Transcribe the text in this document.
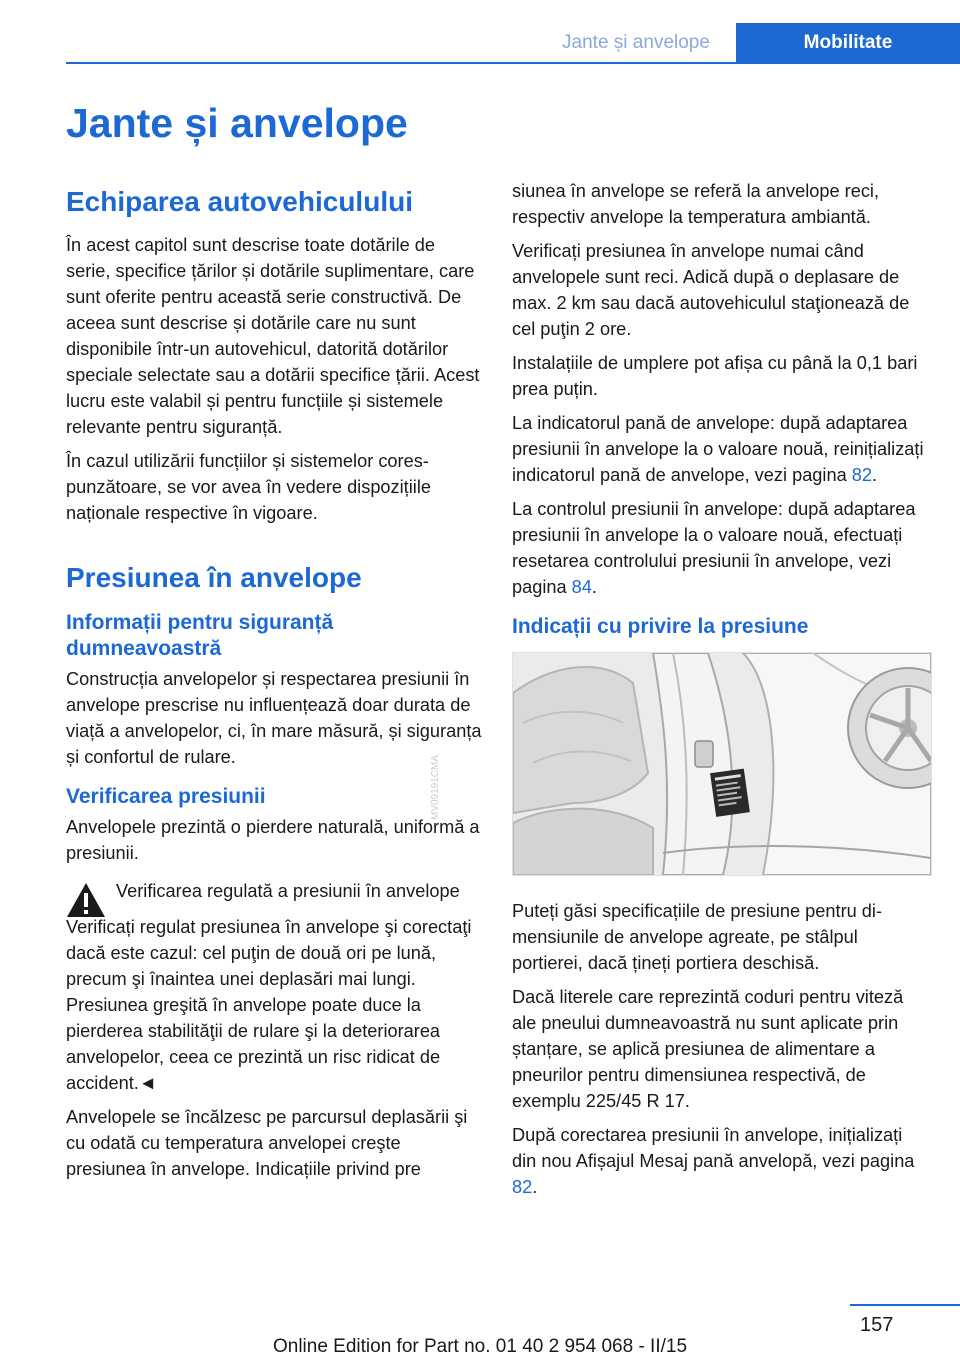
Jante și anvelope	Mobilitate
Jante și anvelope
Echiparea autovehiculului

În acest capitol sunt descrise toate dotările de serie, specifice țărilor și dotările suplimentare, care sunt oferite pentru această serie constructivă. De aceea sunt descrise și dotările care nu sunt disponibile într-un autovehicul, datorită dotărilor speciale selectate sau a dotării specifice țării. Acest lucru este valabil și pentru funcțiile și sistemele relevante pentru siguranță.

În cazul utilizării funcțiilor și sistemelor corespunzătoare, se vor avea în vedere dispozițiile naționale respective în vigoare.

Presiunea în anvelope
Informații pentru siguranță dumneavoastră

Construcția anvelopelor și respectarea presiunii în anvelope prescrise nu influențează doar durata de viață a anvelopelor, ci, în mare măsură, și siguranța și confortul de rulare.

Verificarea presiunii

Anvelopele prezintă o pierdere naturală, uniformă a presiunii.

Verificarea regulată a presiunii în anvelope

Verificați regulat presiunea în anvelope şi corectaţi dacă este cazul: cel puţin de două ori pe lună, precum şi înaintea unei deplasări mai lungi. Presiunea greşită în anvelope poate duce la pierderea stabilităţii de rulare şi la deteriorarea anvelopelor, ceea ce prezintă un risc ridicat de accident.◄

Anvelopele se încălzesc pe parcursul deplasării şi cu odată cu temperatura anvelopei creşte presiunea în anvelope. Indicațiile privind pre

siunea în anvelope se referă la anvelope reci, respectiv anvelope la temperatura ambiantă.

Verificați presiunea în anvelope numai când anvelopele sunt reci. Adică după o deplasare de max. 2 km sau dacă autovehiculul staţionează de cel puţin 2 ore.

Instalațiile de umplere pot afișa cu până la 0,1 bari prea puțin.

La indicatorul pană de anvelope: după adaptarea presiunii în anvelope la o valoare nouă, reinițializați indicatorul pană de anvelope, vezi pagina 82.

La controlul presiunii în anvelope: după adaptarea presiunii în anvelope la o valoare nouă, efectuați resetarea controlului presiunii în anvelope, vezi pagina 84.

Indicații cu privire la presiune

Puteți găsi specificațiile de presiune pentru dimensiunile de anvelope agreate, pe stâlpul portierei, dacă țineți portiera deschisă.

Dacă literele care reprezintă coduri pentru viteză ale pneului dumneavoastră nu sunt aplicate prin ștanțare, se aplică presiunea de alimentare a pneurilor pentru dimensiunea respectivă, de exemplu 225/45 R 17.

După corectarea presiunii în anvelope, inițializați din nou Afișajul Mesaj pană anvelopă, vezi pagina 82.

MV09191CMA
157
Online Edition for Part no. 01 40 2 954 068 - II/15
